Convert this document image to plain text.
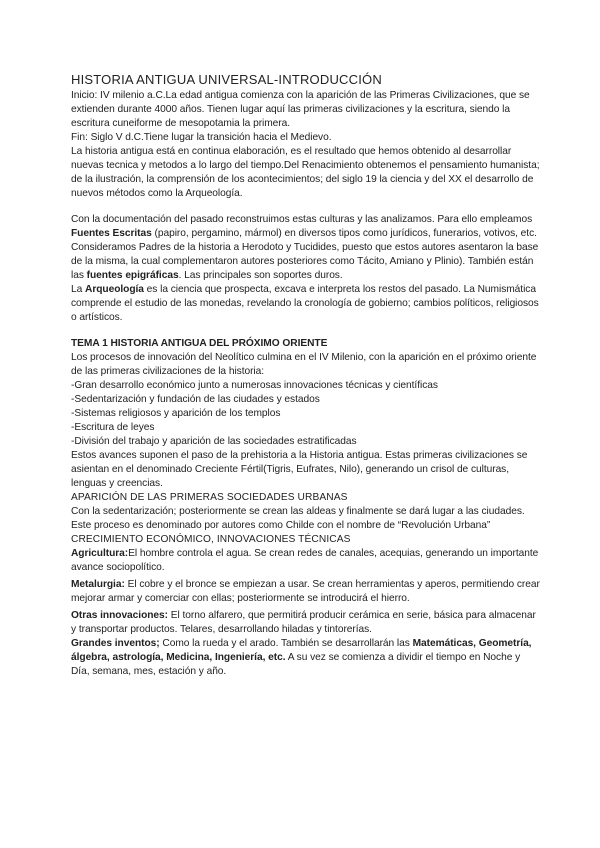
HISTORIA ANTIGUA UNIVERSAL-INTRODUCCIÓN

Inicio: IV milenio a.C.La edad antigua comienza con la aparición de las Primeras Civilizaciones, que se extienden durante 4000 años. Tienen lugar aquí las primeras civilizaciones y la escritura, siendo la escritura cuneiforme de mesopotamia la primera.

Fin: Siglo V d.C.Tiene lugar la transición hacia el Medievo.

La historia antigua está en continua elaboración, es el resultado que hemos obtenido al desarrollar nuevas tecnica y metodos a lo largo del tiempo.Del Renacimiento obtenemos el pensamiento humanista; de la ilustración, la comprensión de los acontecimientos; del siglo 19 la ciencia y del XX el desarrollo de nuevos métodos como la Arqueología.

Con la documentación del pasado reconstruimos estas culturas y las analizamos. Para ello empleamos Fuentes Escritas (papiro, pergamino, mármol) en diversos tipos como jurídicos, funerarios, votivos, etc. Consideramos Padres de la historia a Herodoto y Tucidides, puesto que estos autores asentaron la base de la misma, la cual complementaron autores posteriores como Tácito, Amiano y Plinio). También están las fuentes epigráficas. Las principales son soportes duros.

La Arqueología es la ciencia que prospecta, excava e interpreta los restos del pasado. La Numismática comprende el estudio de las monedas, revelando la cronología de gobierno; cambios políticos, religiosos o artísticos.

TEMA 1 HISTORIA ANTIGUA DEL PRÓXIMO ORIENTE

Los procesos de innovación del Neolítico culmina en el IV Milenio, con la aparición en el próximo oriente de las primeras civilizaciones de la historia:

-Gran desarrollo económico junto a numerosas innovaciones técnicas y científicas

-Sedentarización y fundación de las ciudades y estados

-Sistemas religiosos y aparición de los templos

-Escritura de leyes

-División del trabajo y aparición de las sociedades estratificadas

Estos avances suponen el paso de la prehistoria a la Historia antigua. Estas primeras civilizaciones se asientan en el denominado Creciente Fértil(Tigris, Eufrates, Nilo), generando un crisol de culturas, lenguas y creencias.

APARICIÓN DE LAS PRIMERAS SOCIEDADES URBANAS

Con la sedentarización; posteriormente se crean las aldeas y finalmente se dará lugar a las ciudades. Este proceso es denominado por autores como Childe con el nombre de “Revolución Urbana”

CRECIMIENTO ECONÓMICO, INNOVACIONES TÉCNICAS

Agricultura:El hombre controla el agua. Se crean redes de canales, acequias, generando un importante avance sociopolítico.

Metalurgia: El cobre y el bronce se empiezan a usar. Se crean herramientas y aperos, permitiendo crear mejorar armar y comerciar con ellas; posteriormente se introducirá el hierro.

Otras innovaciones: El torno alfarero, que permitirá producir cerámica en serie, básica para almacenar y transportar productos. Telares, desarrollando hiladas y tintorerías.

Grandes inventos; Como la rueda y el arado. También se desarrollarán las Matemáticas, Geometría, álgebra, astrología, Medicina, Ingeniería, etc. A su vez se comienza a dividir el tiempo en Noche y Día, semana, mes, estación y año.
